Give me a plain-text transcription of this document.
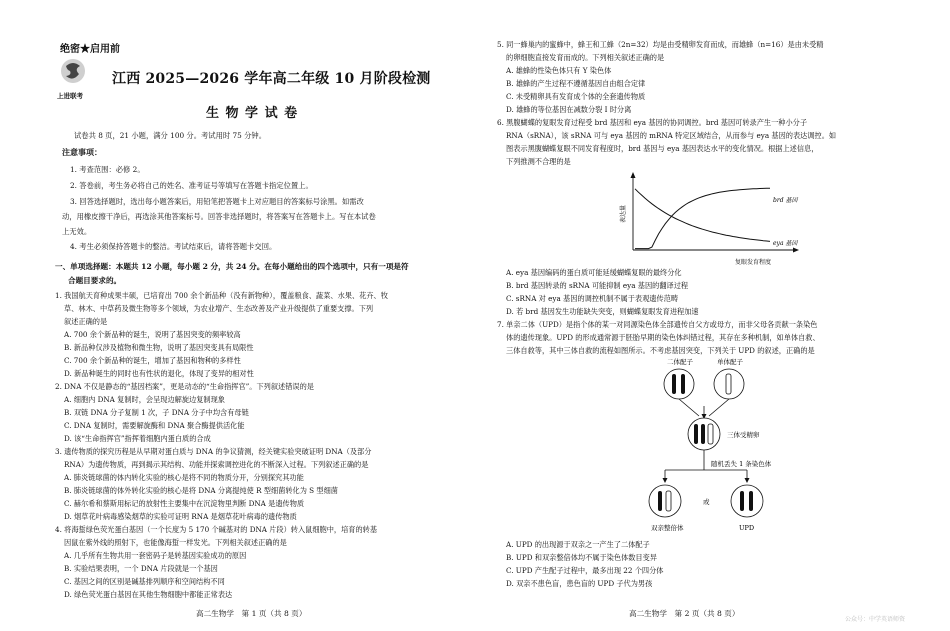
绝密★启用前
上进联考
江西 2025—2026 学年高二年级 10 月阶段检测
生 物 学 试 卷
试卷共 8 页，21 小题，满分 100 分。考试用时 75 分钟。
注意事项：
1. 考查范围：必修 2。
2. 答卷前，考生务必将自己的姓名、准考证号等填写在答题卡指定位置上。
3. 回答选择题时，选出每小题答案后，用铅笔把答题卡上对应题目的答案标号涂黑。如需改
动，用橡皮擦干净后，再选涂其他答案标号。回答非选择题时，将答案写在答题卡上。写在本试卷
上无效。
4. 考生必须保持答题卡的整洁。考试结束后，请将答题卡交回。
一、单项选择题：本题共 12 小题，每小题 2 分，共 24 分。在每小题给出的四个选项中，只有一项是符
合题目要求的。
1. 我国航天育种成果丰硕，已培育出 700 余个新品种（没有新物种），覆盖粮食、蔬菜、水果、花卉、牧
草、林木、中草药及微生物等多个领域，为农业增产、生态改善及产业升级提供了重要支撑。下列
叙述正确的是
A. 700 余个新品种的诞生，说明了基因突变的频率较高
B. 新品种仅涉及植物和微生物，说明了基因突变具有局限性
C. 700 余个新品种的诞生，增加了基因和物种的多样性
D. 新品种诞生的同时也有性状的退化，体现了变异的相对性
2. DNA 不仅是静态的“基因档案”，更是动态的“生命指挥官”。下列叙述错误的是
A. 细胞内 DNA 复制时，会呈现边解旋边复制现象
B. 双链 DNA 分子复制 1 次，子 DNA 分子中均含有母链
C. DNA 复制时，需要解旋酶和 DNA 聚合酶提供活化能
D. 该“生命指挥官”指挥着细胞内蛋白质的合成
3. 遗传物质的探究历程是从早期对蛋白质与 DNA 的争议猜测，经关键实验突破证明 DNA（及部分
RNA）为遗传物质，再到揭示其结构、功能并探索调控进化的不断深入过程。下列叙述正确的是
A. 肺炎链球菌的体内转化实验的核心是将不同的物质分开，分别探究其功能
B. 肺炎链球菌的体外转化实验的核心是将 DNA 分离提纯使 R 型细菌转化为 S 型细菌
C. 赫尔希和蔡斯用标记的放射性主要集中在沉淀物里判断 DNA 是遗传物质
D. 烟草花叶病毒感染烟草的实验可证明 RNA 是烟草花叶病毒的遗传物质
4. 将海蜇绿色荧光蛋白基因（一个长度为 5 170 个碱基对的 DNA 片段）转入鼠细胞中，培育的转基
因鼠在紫外线的照射下，也能像海蜇一样发光。下列相关叙述正确的是
A. 几乎所有生物共用一套密码子是转基因实验成功的原因
B. 实验结果表明，一个 DNA 片段就是一个基因
C. 基因之间的区别是碱基排列顺序和空间结构不同
D. 绿色荧光蛋白基因在其他生物细胞中都能正常表达
高二生物学　第 1 页（共 8 页）
5. 同一蜂巢内的蜜蜂中，蜂王和工蜂（2n=32）均是由受精卵发育而成，而雄蜂（n=16）是由未受精
的卵细胞直接发育而成的。下列相关叙述正确的是
A. 雄蜂的性染色体只有 Y 染色体
B. 雄蜂的产生过程不遵循基因自由组合定律
C. 未受精卵具有发育成个体的全套遗传物质
D. 雄蜂的等位基因在减数分裂 Ⅰ 时分离
6. 黑腹蝴蝶的复眼发育过程受 brd 基因和 eya 基因的协同调控。brd 基因可转录产生一种小分子
RNA（sRNA），该 sRNA 可与 eya 基因的 mRNA 特定区域结合，从而参与 eya 基因的表达调控。如
图表示黑腹蝴蝶复眼不同发育程度时，brd 基因与 eya 基因表达水平的变化情况。根据上述信息，
下列推测不合理的是
表达量
复眼发育程度
brd 基因
eya 基因
A. eya 基因编码的蛋白质可能延缓蝴蝶复眼的最终分化
B. brd 基因转录的 sRNA 可能抑制 eya 基因的翻译过程
C. sRNA 对 eya 基因的调控机制不属于表观遗传范畴
D. 若 brd 基因发生功能缺失突变，则蝴蝶复眼发育进程加速
7. 单亲二体（UPD）是指个体的某一对同源染色体全部遗传自父方或母方，而非父母各贡献一条染色
体的遗传现象。UPD 的形成通常源于胚胎早期的染色体纠错过程，其存在多种机制，如单体自救、
三体自救等，其中三体自救的流程如图所示。不考虑基因突变，下列关于 UPD 的叙述，正确的是
二体配子	单体配子
三体受精卵
随机丢失 1 条染色体
或
双亲整倍体	UPD
A. UPD 的出现源于双亲之一产生了二体配子
B. UPD 和双亲整倍体均不属于染色体数目变异
C. UPD 产生配子过程中，最多出现 22 个四分体
D. 双亲不患色盲，患色盲的 UPD 子代为男孩
高二生物学　第 2 页（共 8 页）
公众号：中学英语师资
